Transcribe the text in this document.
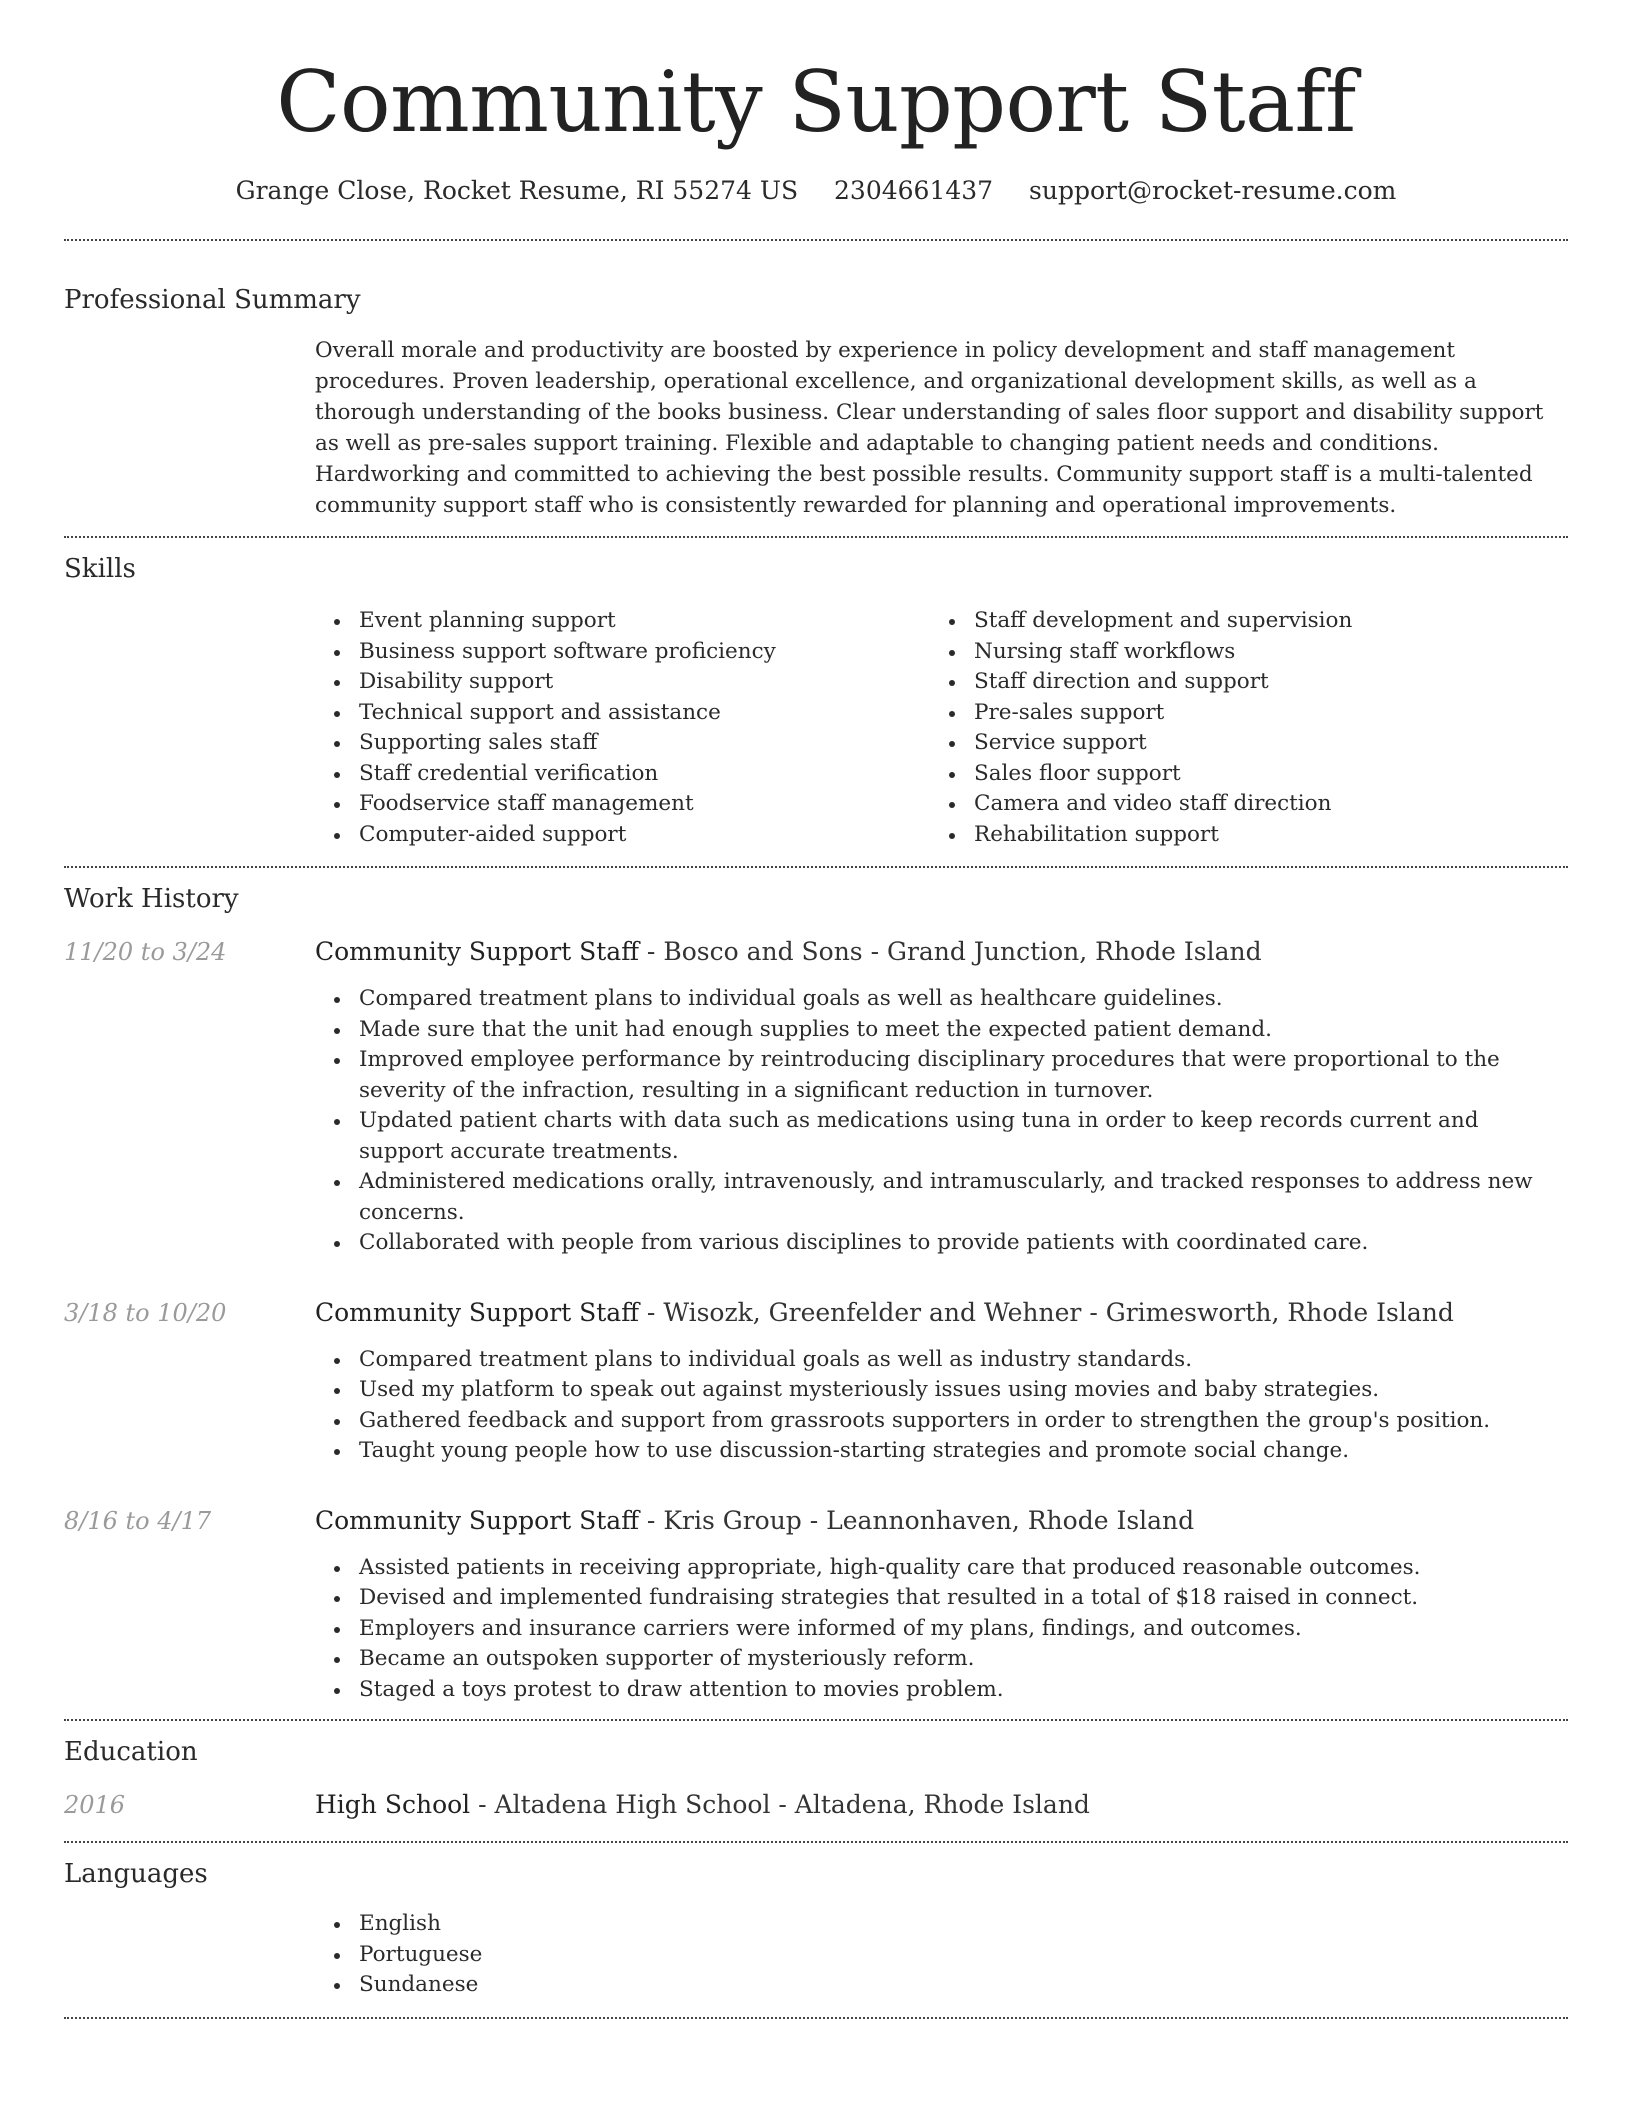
Community Support Staff
Grange Close, Rocket Resume, RI 55274 US 2304661437 support@rocket-resume.com
Professional Summary

Overall morale and productivity are boosted by experience in policy development and staff management procedures. Proven leadership, operational excellence, and organizational development skills, as well as a thorough understanding of the books business. Clear understanding of sales floor support and disability support as well as pre-sales support training. Flexible and adaptable to changing patient needs and conditions. Hardworking and committed to achieving the best possible results. Community support staff is a multi-talented community support staff who is consistently rewarded for planning and operational improvements.

Skills
Event planning support
Business support software proficiency
Disability support
Technical support and assistance
Supporting sales staff
Staff credential verification
Foodservice staff management
Computer-aided support
Staff development and supervision
Nursing staff workflows
Staff direction and support
Pre-sales support
Service support
Sales floor support
Camera and video staff direction
Rehabilitation support
Work History
11/20 to 3/24	Community Support Staff - Bosco and Sons - Grand Junction, Rhode Island
Compared treatment plans to individual goals as well as healthcare guidelines.
Made sure that the unit had enough supplies to meet the expected patient demand.
Improved employee performance by reintroducing disciplinary procedures that were proportional to the severity of the infraction, resulting in a significant reduction in turnover.
Updated patient charts with data such as medications using tuna in order to keep records current and support accurate treatments.
Administered medications orally, intravenously, and intramuscularly, and tracked responses to address new concerns.
Collaborated with people from various disciplines to provide patients with coordinated care.
3/18 to 10/20	Community Support Staff - Wisozk, Greenfelder and Wehner - Grimesworth, Rhode Island
Compared treatment plans to individual goals as well as industry standards.
Used my platform to speak out against mysteriously issues using movies and baby strategies.
Gathered feedback and support from grassroots supporters in order to strengthen the group's position.
Taught young people how to use discussion-starting strategies and promote social change.
8/16 to 4/17	Community Support Staff - Kris Group - Leannonhaven, Rhode Island
Assisted patients in receiving appropriate, high-quality care that produced reasonable outcomes.
Devised and implemented fundraising strategies that resulted in a total of $18 raised in connect.
Employers and insurance carriers were informed of my plans, findings, and outcomes.
Became an outspoken supporter of mysteriously reform.
Staged a toys protest to draw attention to movies problem.
Education
2016	High School - Altadena High School - Altadena, Rhode Island
Languages
English
Portuguese
Sundanese
